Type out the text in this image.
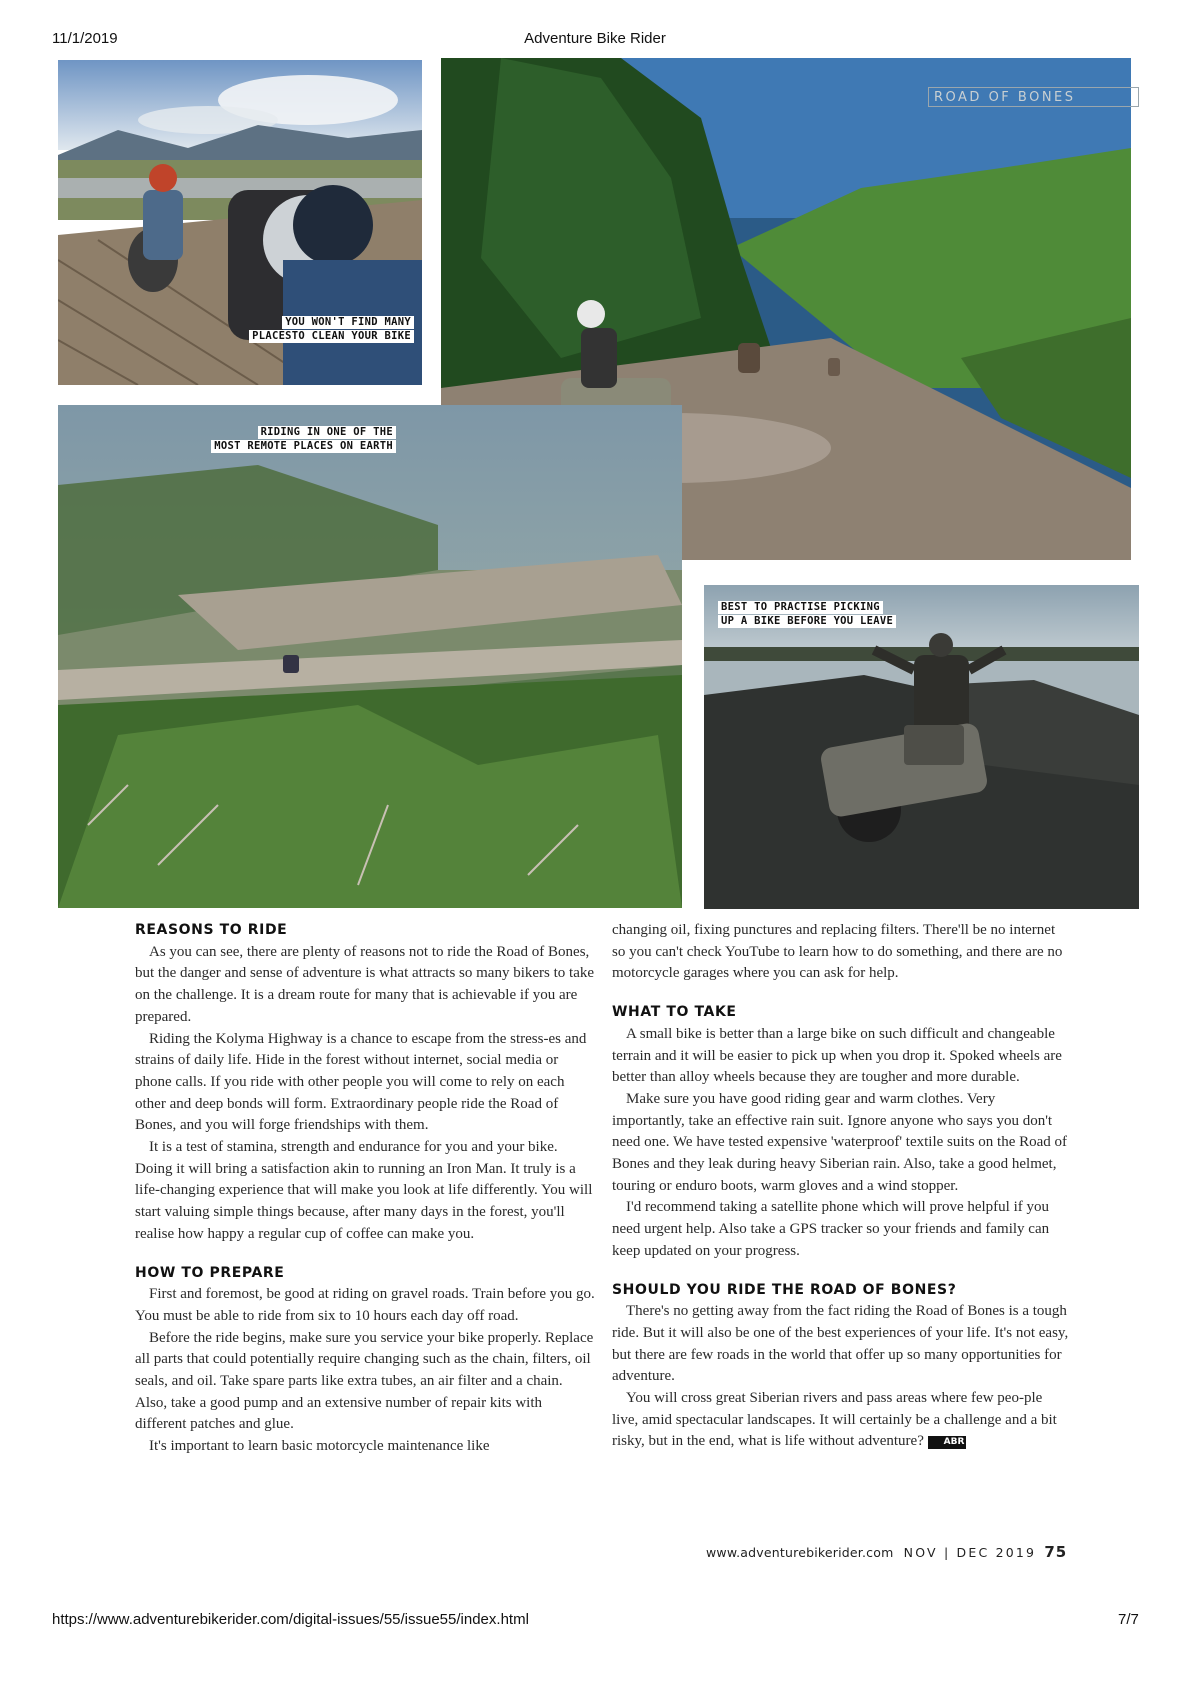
11/1/2019	Adventure Bike Rider
YOU WON'T FIND MANY
PLACESTO CLEAN YOUR BIKE
ROAD OF BONES

RIDING IN ONE OF THE
MOST REMOTE PLACES ON EARTH
BEST TO PRACTISE PICKING
UP A BIKE BEFORE YOU LEAVE
REASONS TO RIDE

As you can see, there are plenty of reasons not to ride the Road of Bones, but the danger and sense of adventure is what attracts so many bikers to take on the challenge. It is a dream route for many that is achievable if you are prepared.

Riding the Kolyma Highway is a chance to escape from the stress-es and strains of daily life. Hide in the forest without internet, social media or phone calls. If you ride with other people you will come to rely on each other and deep bonds will form. Extraordinary people ride the Road of Bones, and you will forge friendships with them.

It is a test of stamina, strength and endurance for you and your bike. Doing it will bring a satisfaction akin to running an Iron Man. It truly is a life-changing experience that will make you look at life differently. You will start valuing simple things because, after many days in the forest, you'll realise how happy a regular cup of coffee can make you.

HOW TO PREPARE

First and foremost, be good at riding on gravel roads. Train before you go. You must be able to ride from six to 10 hours each day off road.

Before the ride begins, make sure you service your bike properly. Replace all parts that could potentially require changing such as the chain, filters, oil seals, and oil. Take spare parts like extra tubes, an air filter and a chain. Also, take a good pump and an extensive number of repair kits with different patches and glue.

It's important to learn basic motorcycle maintenance like

changing oil, fixing punctures and replacing filters. There'll be no internet so you can't check YouTube to learn how to do something, and there are no motorcycle garages where you can ask for help.

WHAT TO TAKE

A small bike is better than a large bike on such difficult and changeable terrain and it will be easier to pick up when you drop it. Spoked wheels are better than alloy wheels because they are tougher and more durable.

Make sure you have good riding gear and warm clothes. Very importantly, take an effective rain suit. Ignore anyone who says you don't need one. We have tested expensive 'waterproof' textile suits on the Road of Bones and they leak during heavy Siberian rain. Also, take a good helmet, touring or enduro boots, warm gloves and a wind stopper.

I'd recommend taking a satellite phone which will prove helpful if you need urgent help. Also take a GPS tracker so your friends and family can keep updated on your progress.

SHOULD YOU RIDE THE ROAD OF BONES?

There's no getting away from the fact riding the Road of Bones is a tough ride. But it will also be one of the best experiences of your life. It's not easy, but there are few roads in the world that offer up so many opportunities for adventure.

You will cross great Siberian rivers and pass areas where few peo-ple live, amid spectacular landscapes. It will certainly be a challenge and a bit risky, but in the end, what is life without adventure? ABR

www.adventurebikerider.com NOV | DEC 2019 75
https://www.adventurebikerider.com/digital-issues/55/issue55/index.html	7/7
